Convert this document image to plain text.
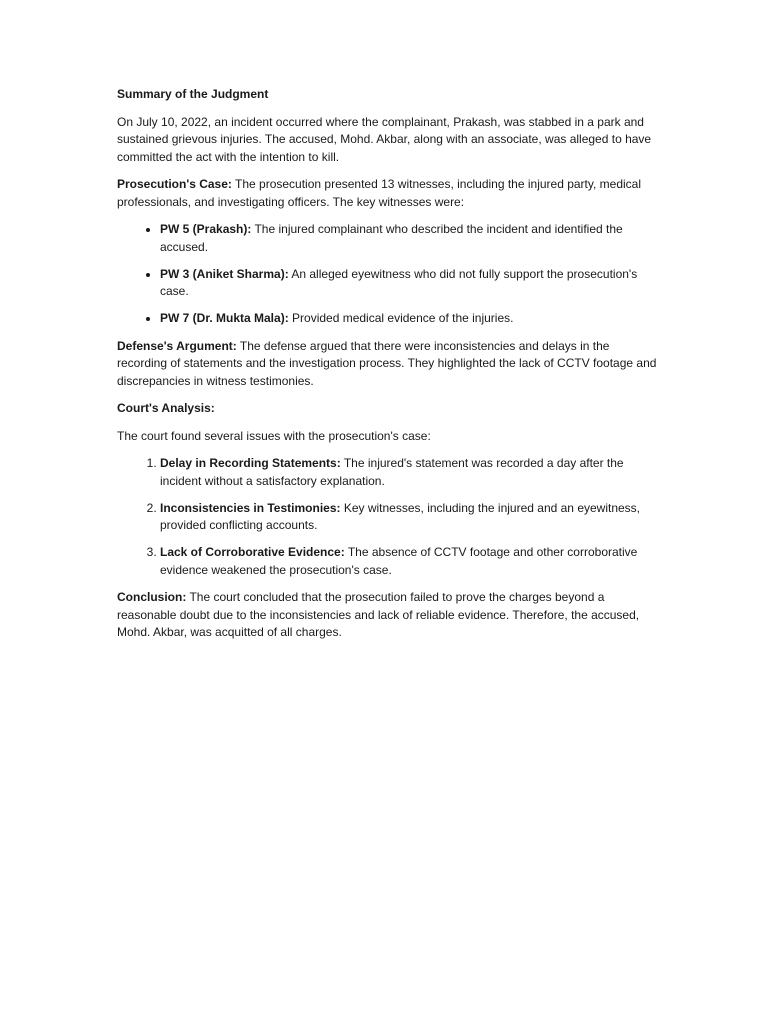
Summary of the Judgment

On July 10, 2022, an incident occurred where the complainant, Prakash, was stabbed in a park and sustained grievous injuries. The accused, Mohd. Akbar, along with an associate, was alleged to have committed the act with the intention to kill.

Prosecution's Case: The prosecution presented 13 witnesses, including the injured party, medical professionals, and investigating officers. The key witnesses were:

• PW 5 (Prakash): The injured complainant who described the incident and identified the accused.
• PW 3 (Aniket Sharma): An alleged eyewitness who did not fully support the prosecution's case.
• PW 7 (Dr. Mukta Mala): Provided medical evidence of the injuries.

Defense's Argument: The defense argued that there were inconsistencies and delays in the recording of statements and the investigation process. They highlighted the lack of CCTV footage and discrepancies in witness testimonies.

Court's Analysis:

The court found several issues with the prosecution's case:

1. Delay in Recording Statements: The injured's statement was recorded a day after the incident without a satisfactory explanation.
2. Inconsistencies in Testimonies: Key witnesses, including the injured and an eyewitness, provided conflicting accounts.
3. Lack of Corroborative Evidence: The absence of CCTV footage and other corroborative evidence weakened the prosecution's case.

Conclusion: The court concluded that the prosecution failed to prove the charges beyond a reasonable doubt due to the inconsistencies and lack of reliable evidence. Therefore, the accused, Mohd. Akbar, was acquitted of all charges.
